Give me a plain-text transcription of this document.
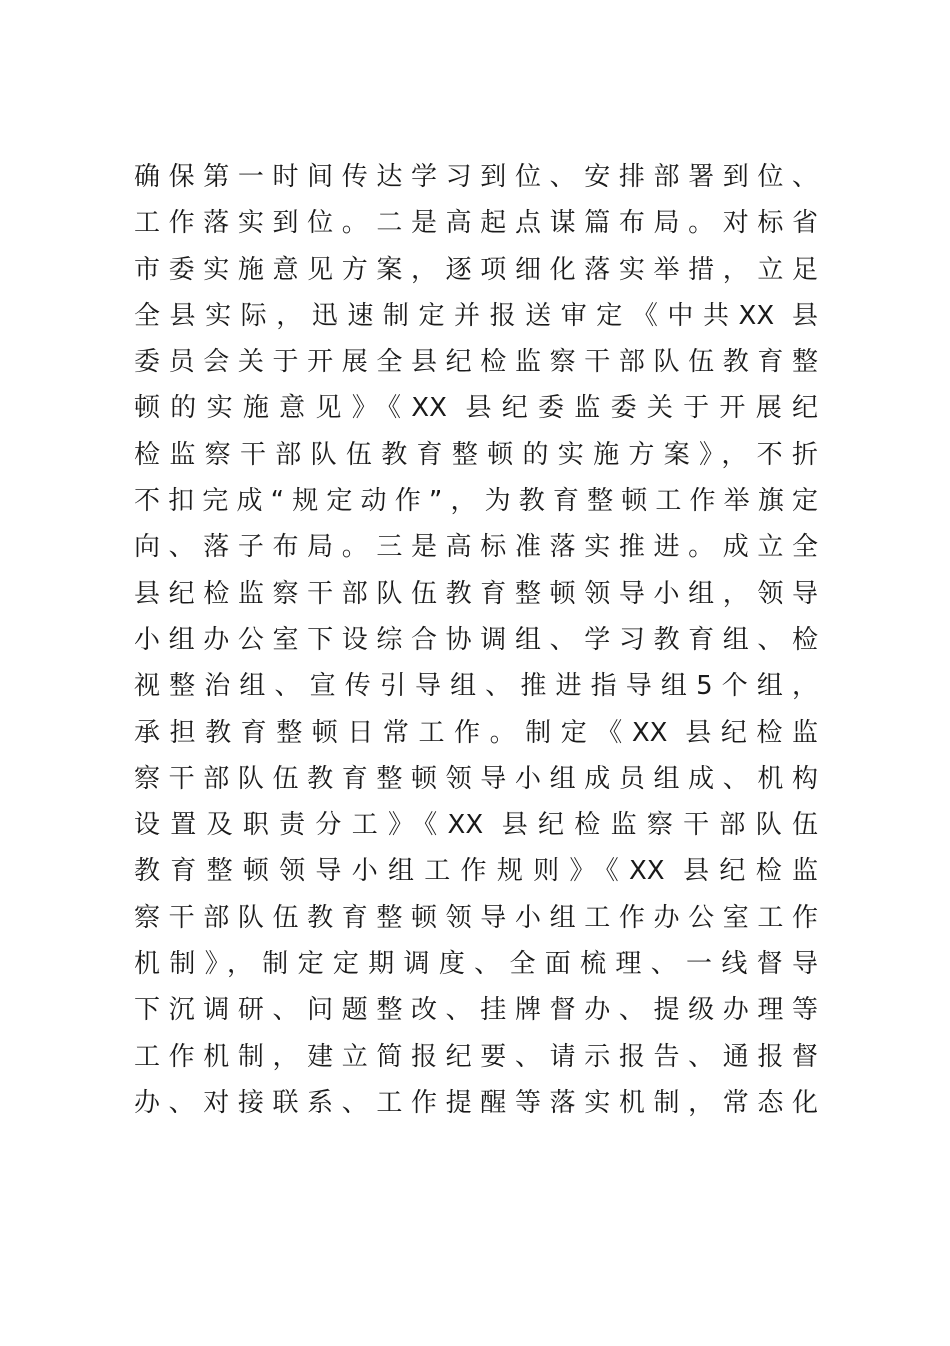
确保第一时间传达学习到位、安排部署到位、
工作落实到位。二是高起点谋篇布局。对标省
市委实施意见方案，逐项细化落实举措，立足
全县实际，迅速制定并报送审定《中共XX 县
委员会关于开展全县纪检监察干部队伍教育整
顿的实施意见》《XX 县纪委监委关于开展纪
检监察干部队伍教育整顿的实施方案》，不折
不扣完成“规定动作”，为教育整顿工作举旗定
向、落子布局。三是高标准落实推进。成立全
县纪检监察干部队伍教育整顿领导小组，领导
小组办公室下设综合协调组、学习教育组、检
视整治组、宣传引导组、推进指导组5个组，
承担教育整顿日常工作。制定《XX 县纪检监
察干部队伍教育整顿领导小组成员组成、机构
设置及职责分工》《XX 县纪检监察干部队伍
教育整顿领导小组工作规则》《XX 县纪检监
察干部队伍教育整顿领导小组工作办公室工作
机制》，制定定期调度、全面梳理、一线督导
下沉调研、问题整改、挂牌督办、提级办理等
工作机制，建立简报纪要、请示报告、通报督
办、对接联系、工作提醒等落实机制，常态化
